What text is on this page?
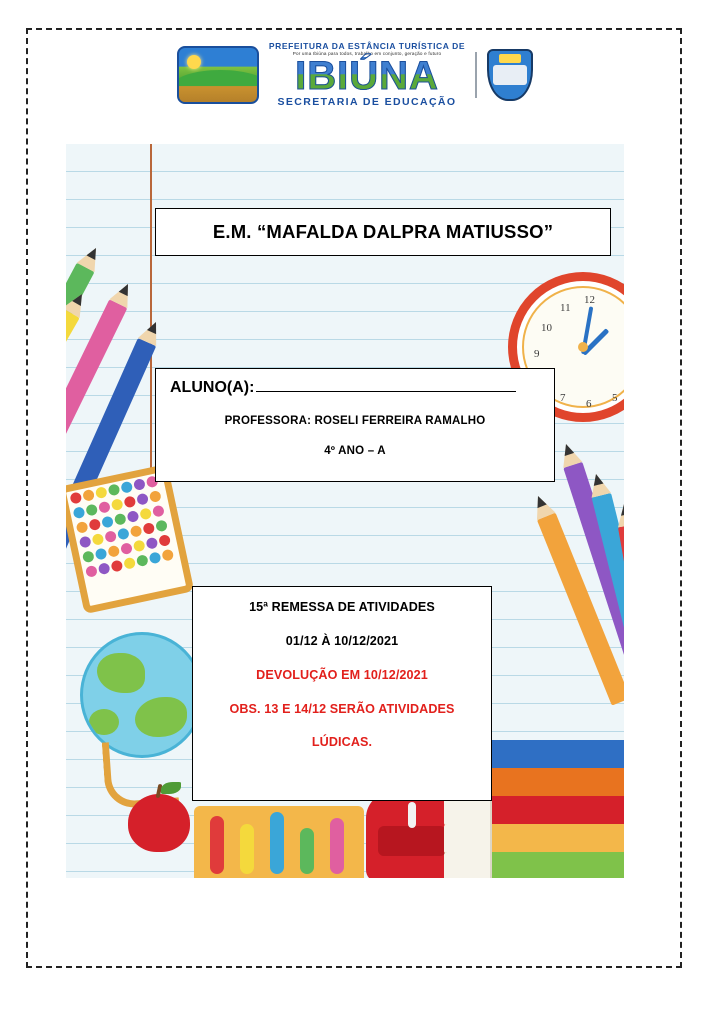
PREFEITURA DA ESTÂNCIA TURÍSTICA DE
Por uma Ibiúna para todos, trabalho em conjunto, geração e futuro
IBIÚNA
SECRETARIA DE EDUCAÇÃO
12
11
10
9
7 6 5
E.M. “MAFALDA DALPRA MATIUSSO”
ALUNO(A):
PROFESSORA: ROSELI FERREIRA RAMALHO
4º ANO – A
15ª REMESSA DE ATIVIDADES
01/12 À 10/12/2021
DEVOLUÇÃO EM 10/12/2021
OBS. 13 E 14/12 SERÃO ATIVIDADES
LÚDICAS.
